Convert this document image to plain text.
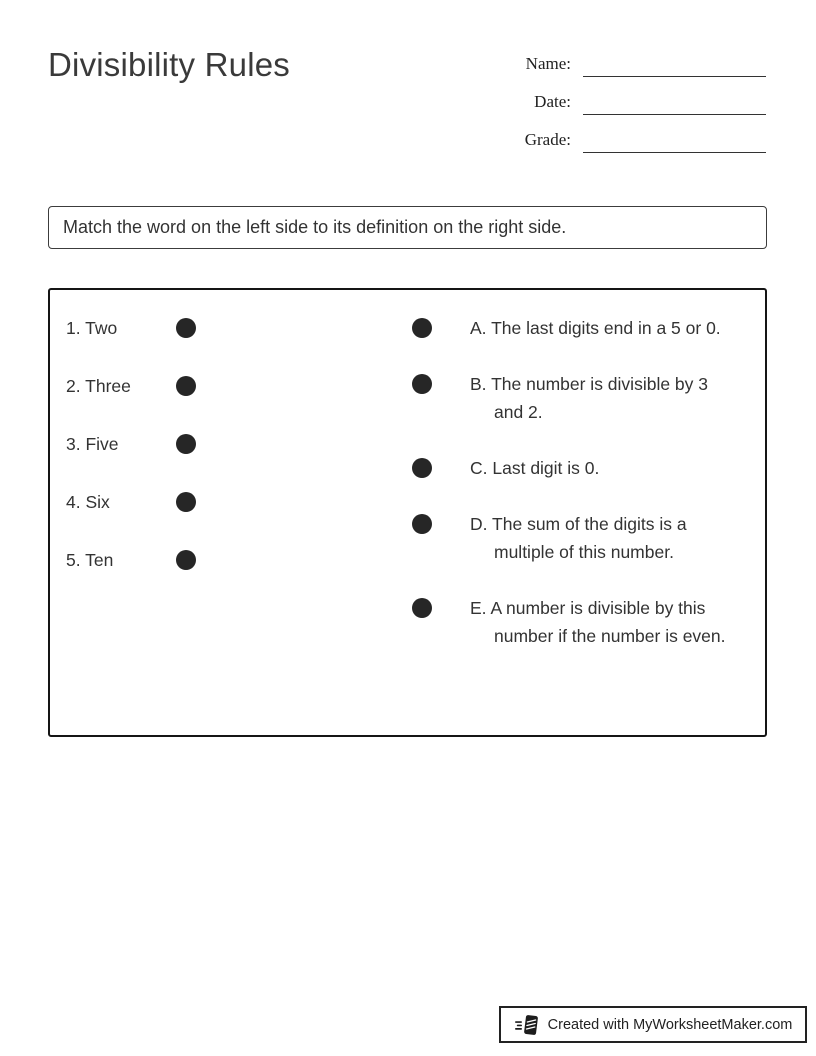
Divisibility Rules	Name:
Date:
Grade:
Match the word on the left side to its definition on the right side.
1. Two
2. Three
3. Five
4. Six
5. Ten

A. The last digits end in a 5 or 0.

B. The number is divisible by 3 and 2.

C. Last digit is 0.

D. The sum of the digits is a multiple of this number.

E. A number is divisible by this number if the number is even.

Created with MyWorksheetMaker.com
